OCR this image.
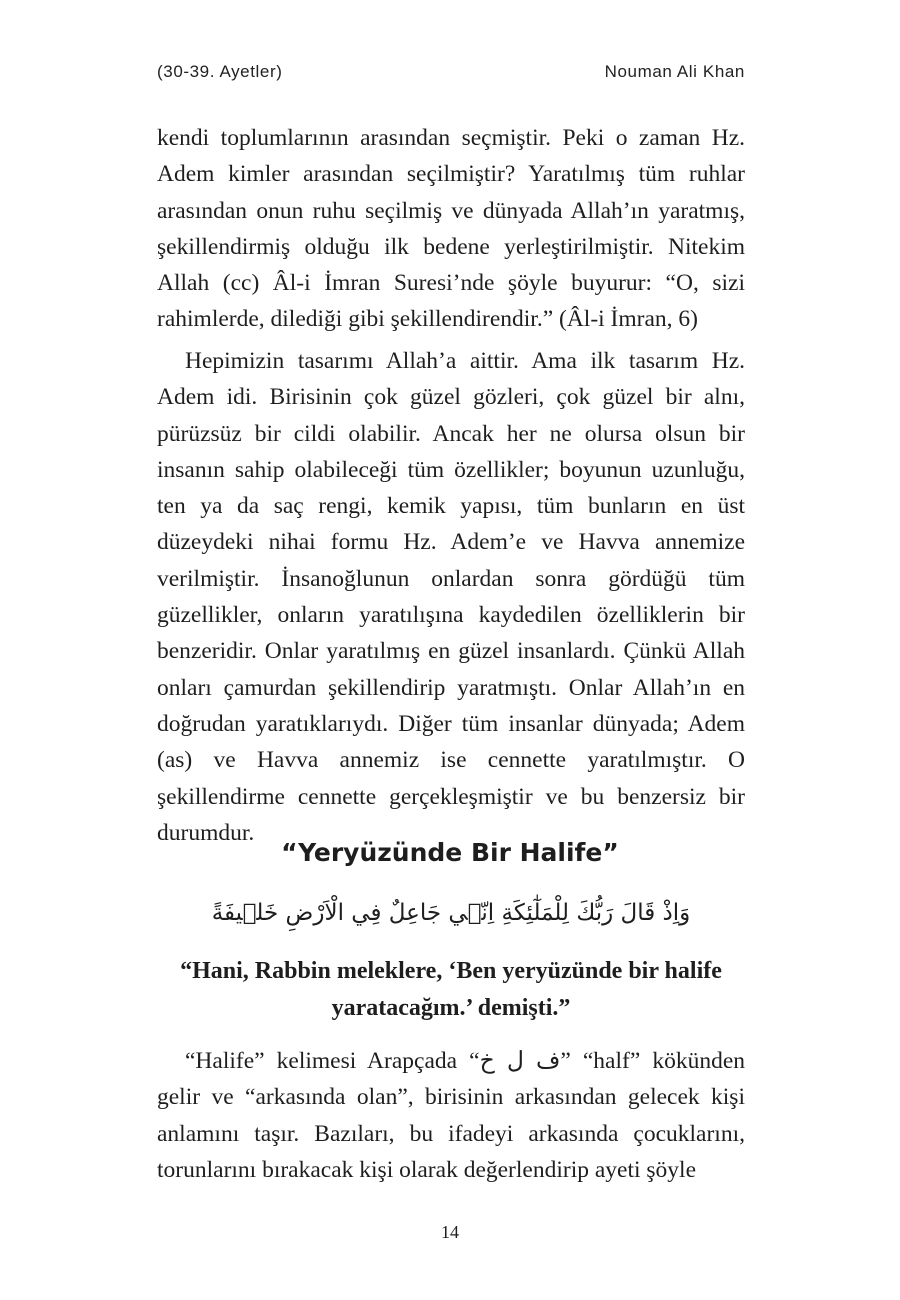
(30-39. Ayetler)	Nouman Ali Khan

kendi toplumlarının arasından seçmiştir. Peki o zaman Hz. Adem kimler arasından seçilmiştir? Yaratılmış tüm ruhlar arasından onun ruhu seçilmiş ve dünyada Allah’ın yaratmış, şekillendirmiş olduğu ilk bedene yerleştirilmiştir. Nitekim Allah (cc) Âl-i İmran Suresi’nde şöyle buyurur: “O, sizi rahimlerde, dilediği gibi şekillendirendir.” (Âl-i İmran, 6)

Hepimizin tasarımı Allah’a aittir. Ama ilk tasarım Hz. Adem idi. Birisinin çok güzel gözleri, çok güzel bir alnı, pürüzsüz bir cildi olabilir. Ancak her ne olursa olsun bir insanın sahip olabileceği tüm özellikler; boyunun uzunluğu, ten ya da saç rengi, kemik yapısı, tüm bunların en üst düzeydeki nihai formu Hz. Adem’e ve Havva annemize verilmiştir. İnsanoğlunun onlardan sonra gördüğü tüm güzellikler, onların yaratılışına kaydedilen özelliklerin bir benzeridir. Onlar yaratılmış en güzel insanlardı. Çünkü Allah onları çamurdan şekillendirip yaratmıştı. Onlar Allah’ın en doğrudan yaratıklarıydı. Diğer tüm insanlar dünyada; Adem (as) ve Havva annemiz ise cennette yaratılmıştır. O şekillendirme cennette gerçekleşmiştir ve bu benzersiz bir durumdur.

“Yeryüzünde Bir Halife”

وَاِذْ قَالَ رَبُّكَ لِلْمَلٰٓئِكَةِ اِنّ۪ي جَاعِلٌ فِي الْاَرْضِ خَل۪يفَةً

“Hani, Rabbin meleklere, ‘Ben yeryüzünde bir halife yaratacağım.’ demişti.”

“Halife” kelimesi Arapçada “ف ل خ” “half” kökünden gelir ve “arkasında olan”, birisinin arkasından gelecek kişi anlamını taşır. Bazıları, bu ifadeyi arkasında çocuklarını, torunlarını bırakacak kişi olarak değerlendirip ayeti şöyle

14
